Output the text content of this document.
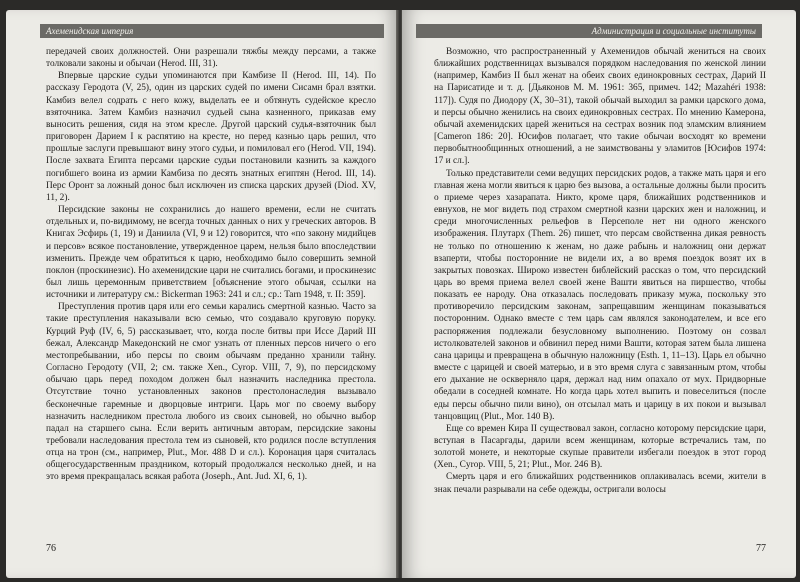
Ахеменидская империя

передачей своих должностей. Они разрешали тяжбы между персами, а также толковали законы и обычаи (Herod. III, 31).

Впервые царские судьи упоминаются при Камбизе II (Herod. III, 14). По рассказу Геродота (V, 25), один из царских судей по имени Сисамн брал взятки. Камбиз велел содрать с него кожу, выделать ее и обтянуть судейское кресло взяточника. Затем Камбиз назначил судьей сына казненного, приказав ему выносить решения, сидя на этом кресле. Другой царский судья-взяточник был приговорен Дарием I к распятию на кресте, но перед казнью царь решил, что прошлые заслуги превышают вину этого судьи, и помиловал его (Herod. VII, 194). После захвата Египта персами царские судьи постановили казнить за каждого погибшего воина из армии Камбиза по десять знатных египтян (Herod. III, 14). Перс Оронт за ложный донос был исключен из списка царских друзей (Diod. XV, 11, 2).

Персидские законы не сохранились до нашего времени, если не считать отдельных и, по-видимому, не всегда точных данных о них у греческих авторов. В Книгах Эсфирь (1, 19) и Даниила (VI, 9 и 12) говорится, что «по закону мидийцев и персов» всякое постановление, утвержденное царем, нельзя было впоследствии изменить. Прежде чем обратиться к царю, необходимо было совершить земной поклон (проскинезис). Но ахеменидские цари не считались богами, и проскинезис был лишь церемонным приветствием [объяснение этого обычая, ссылки на источники и литературу см.: Bickerman 1963: 241 и сл.; ср.: Tarn 1948, т. II: 359].

Преступления против царя или его семьи карались смертной казнью. Часто за такие преступления наказывали всю семью, что создавало круговую поруку. Курций Руф (IV, 6, 5) рассказывает, что, когда после битвы при Иссе Дарий III бежал, Александр Македонский не смог узнать от пленных персов ничего о его местопребывании, ибо персы по своим обычаям преданно хранили тайну. Согласно Геродоту (VII, 2; см. также Xen., Cyrop. VIII, 7, 9), по персидскому обычаю царь перед походом должен был назначить наследника престола. Отсутствие точно установленных законов престолонаследия вызывало бесконечные гаремные и дворцовые интриги. Царь мог по своему выбору назначить наследником престола любого из своих сыновей, но обычно выбор падал на старшего сына. Если верить античным авторам, персидские законы требовали наследования престола тем из сыновей, кто родился после вступления отца на трон (см., например, Plut., Mor. 488 D и сл.). Коронация царя считалась общегосударственным праздником, который продолжался несколько дней, и на это время прекращалась всякая работа (Joseph., Ant. Jud. XI, 6, 1).

76
Администрация и социальные институты

Возможно, что распространенный у Ахеменидов обычай жениться на своих ближайших родственницах вызывался порядком наследования по женской линии (например, Камбиз II был женат на обеих своих единокровных сестрах, Дарий II на Парисатиде и т. д. [Дьяконов М. М. 1961: 365, примеч. 142; Mazahéri 1938: 117]). Судя по Диодору (X, 30–31), такой обычай выходил за рамки царского дома, и персы обычно женились на своих единокровных сестрах. По мнению Камерона, обычай ахеменидских царей жениться на сестрах возник под эламским влиянием [Cameron 186: 20]. Юсифов полагает, что такие обычаи восходят ко времени первобытнообщинных отношений, а не заимствованы у эламитов [Юсифов 1974: 17 и сл.].

Только представители семи ведущих персидских родов, а также мать царя и его главная жена могли явиться к царю без вызова, а остальные должны были просить о приеме через хазарапата. Никто, кроме царя, ближайших родственников и евнухов, не мог видеть под страхом смертной казни царских жен и наложниц, и среди многочисленных рельефов в Персеполе нет ни одного женского изображения. Плутарх (Them. 26) пишет, что персам свойственна дикая ревность не только по отношению к женам, но даже рабынь и наложниц они держат взаперти, чтобы посторонние не видели их, а во время поездок возят их в закрытых повозках. Широко известен библейский рассказ о том, что персидский царь во время приема велел своей жене Вашти явиться на пиршество, чтобы показать ее народу. Она отказалась последовать приказу мужа, поскольку это противоречило персидским законам, запрещавшим женщинам показываться посторонним. Однако вместе с тем царь сам являлся законодателем, и все его распоряжения подлежали безусловному выполнению. Поэтому он созвал истолкователей законов и обвинил перед ними Вашти, которая затем была лишена сана царицы и превращена в обычную наложницу (Esth. 1, 11–13). Царь ел обычно вместе с царицей и своей матерью, и в это время слуга с завязанным ртом, чтобы его дыхание не оскверняло царя, держал над ним опахало от мух. Придворные обедали в соседней комнате. Но когда царь хотел выпить и повеселиться (после еды персы обычно пили вино), он отсылал мать и царицу в их покои и вызывал танцовщиц (Plut., Mor. 140 B).

Еще со времен Кира II существовал закон, согласно которому персидские цари, вступая в Пасаргады, дарили всем женщинам, которые встречались там, по золотой монете, и некоторые скупые правители избегали поездок в этот город (Xen., Cyrop. VIII, 5, 21; Plut., Mor. 246 B).

Смерть царя и его ближайших родственников оплакивалась всеми, жители в знак печали разрывали на себе одежды, остригали волосы

77
